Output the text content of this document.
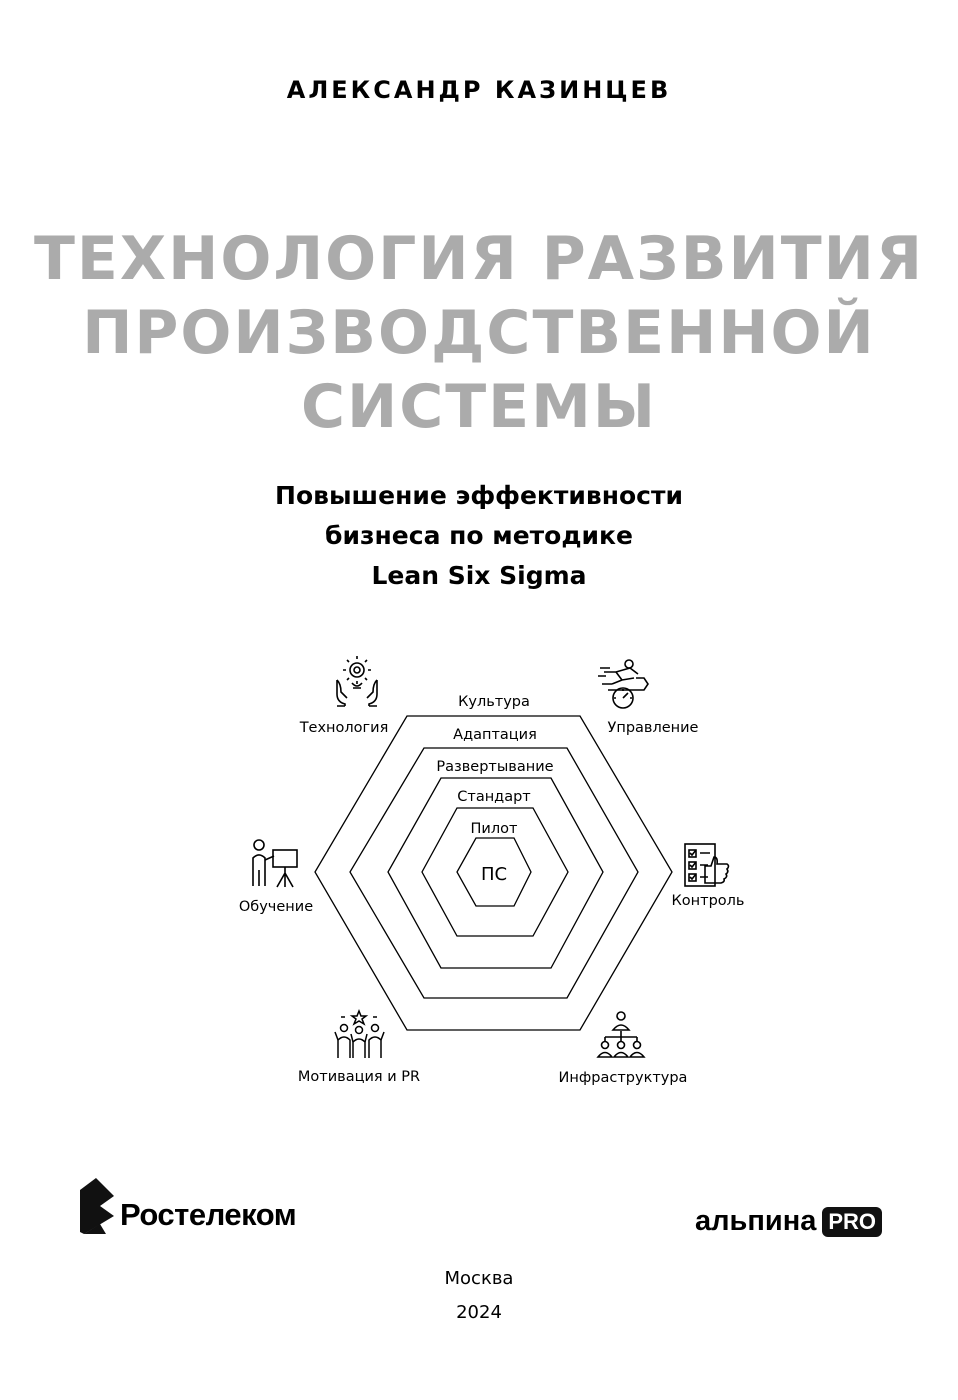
АЛЕКСАНДР КАЗИНЦЕВ
ТЕХНОЛОГИЯ РАЗВИТИЯ
ПРОИЗВОДСТВЕННОЙ
СИСТЕМЫ
Повышение эффективности
бизнеса по методике
Lean Six Sigma
Культура
Адаптация
Развертывание
Стандарт
Пилот
ПС
Технология	Управление
Контроль
Инфраструктура
Мотивация и PR
Обучение
Ростелеком	альпина PRO
Москва
2024
